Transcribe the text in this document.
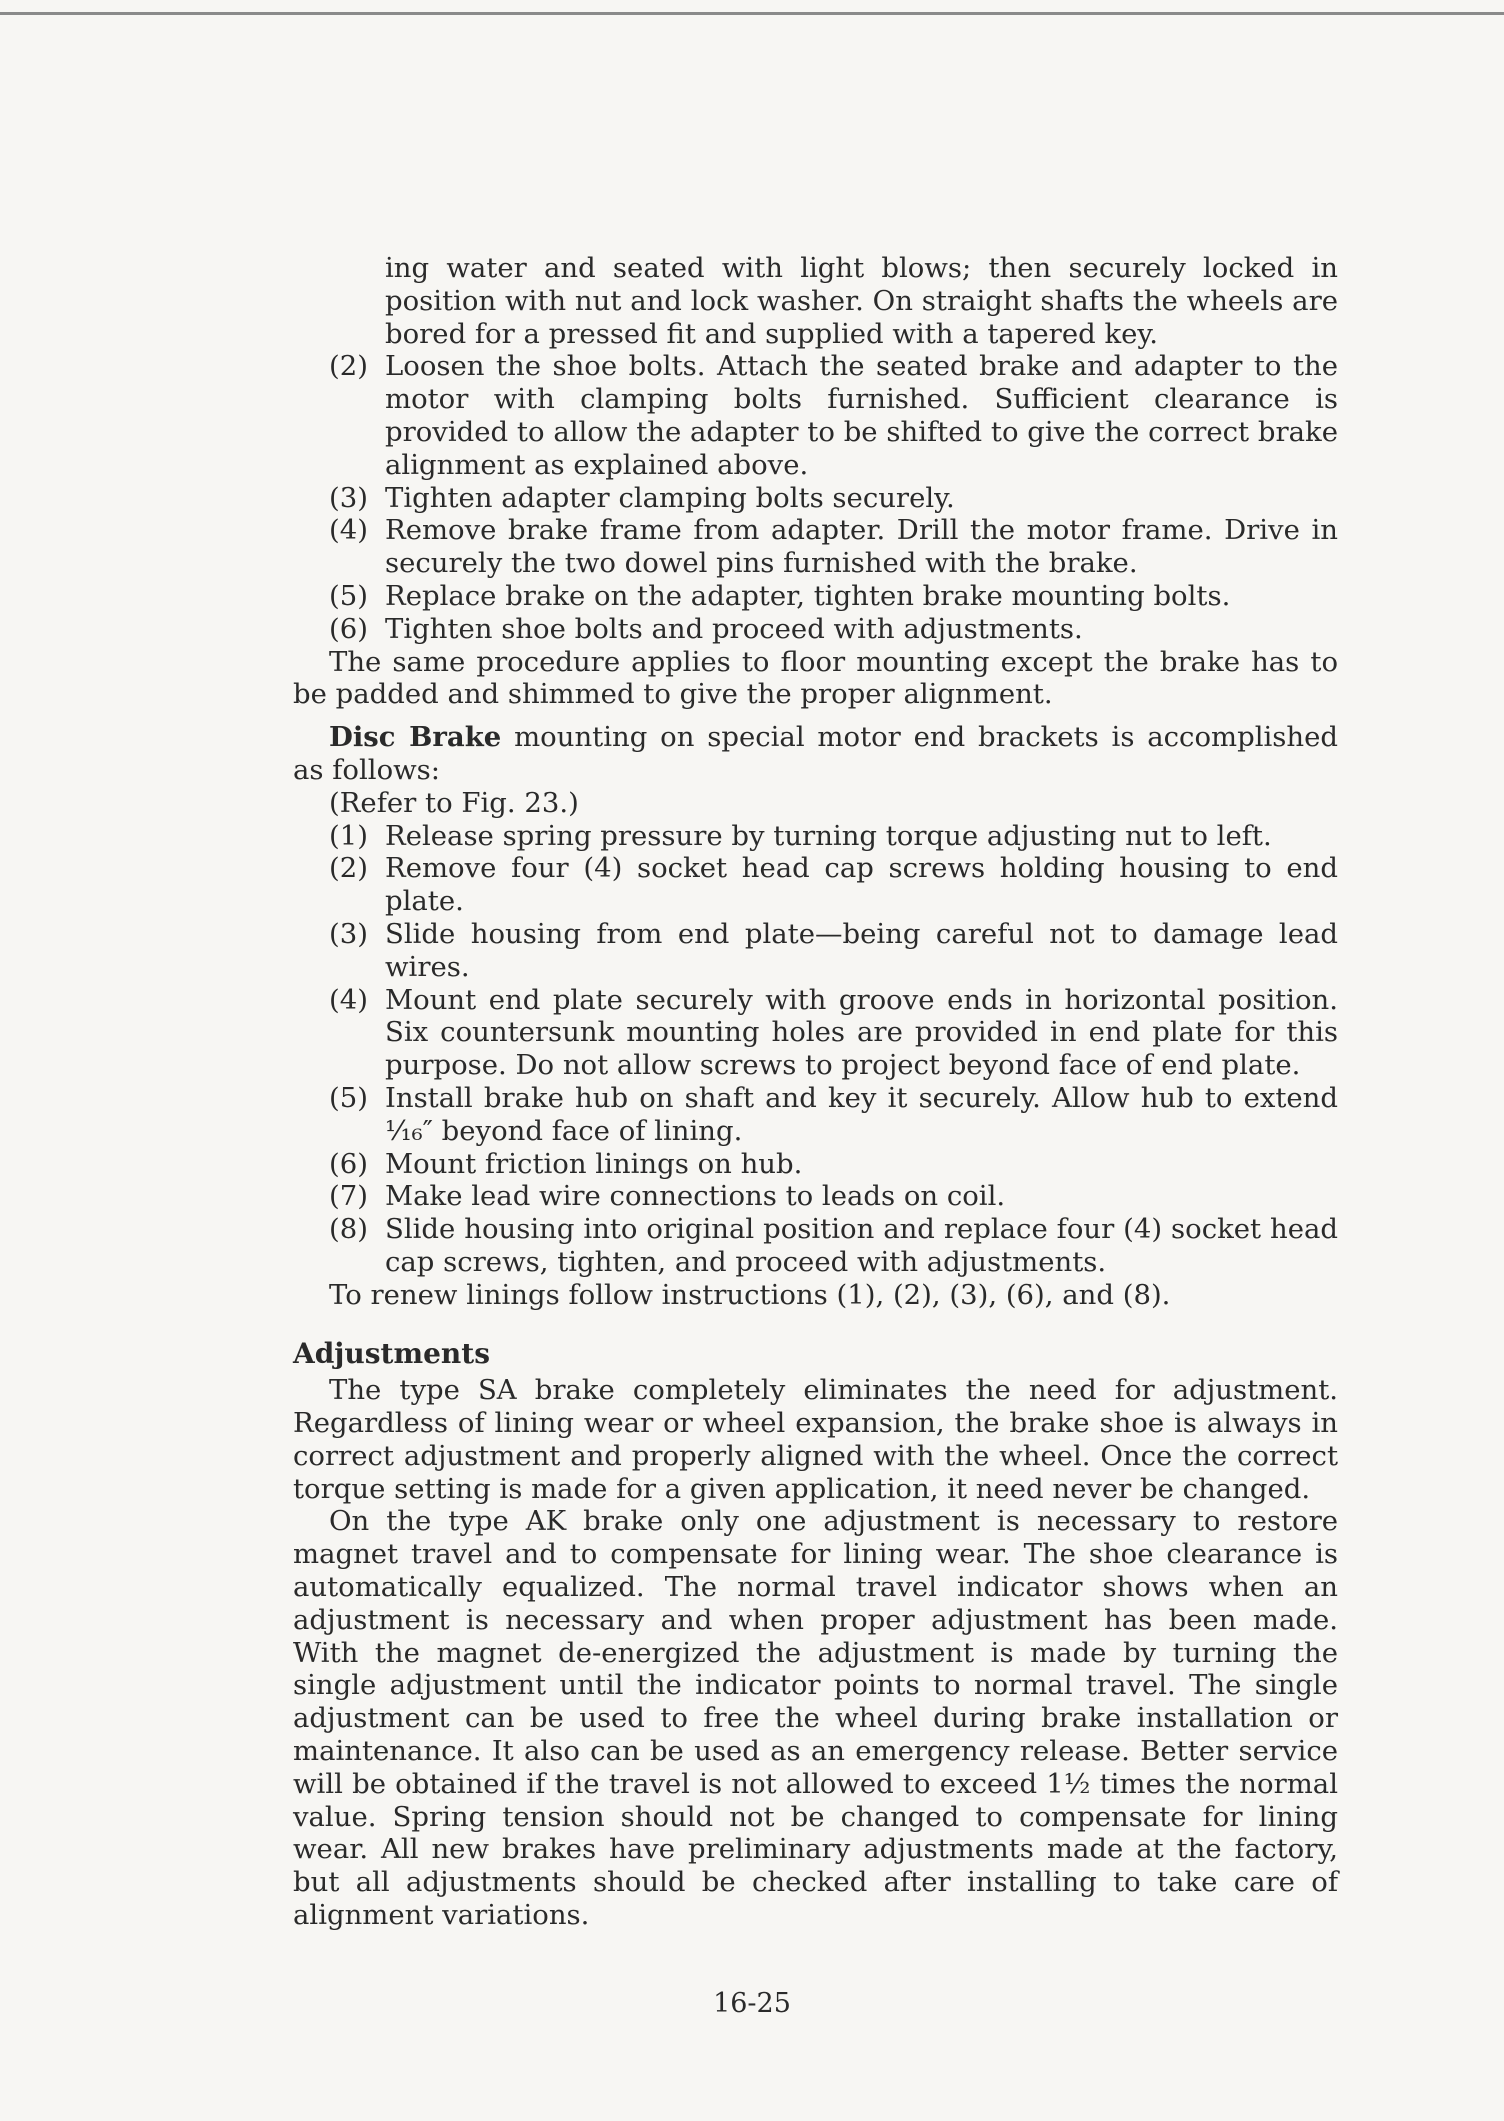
ing water and seated with light blows; then securely locked in position with nut and lock washer. On straight shafts the wheels are bored for a pressed fit and supplied with a tapered key.

(2) Loosen the shoe bolts. Attach the seated brake and adapter to the motor with clamping bolts furnished. Sufficient clearance is provided to allow the adapter to be shifted to give the correct brake alignment as explained above.
(3) Tighten adapter clamping bolts securely.
(4) Remove brake frame from adapter. Drill the motor frame. Drive in securely the two dowel pins furnished with the brake.
(5) Replace brake on the adapter, tighten brake mounting bolts.
(6) Tighten shoe bolts and proceed with adjustments.

The same procedure applies to floor mounting except the brake has to be padded and shimmed to give the proper alignment.

Disc Brake mounting on special motor end brackets is accomplished as follows:

(Refer to Fig. 23.)

(1) Release spring pressure by turning torque adjusting nut to left.
(2) Remove four (4) socket head cap screws holding housing to end plate.
(3) Slide housing from end plate—being careful not to damage lead wires.
(4) Mount end plate securely with groove ends in horizontal position. Six countersunk mounting holes are provided in end plate for this purpose. Do not allow screws to project beyond face of end plate.
(5) Install brake hub on shaft and key it securely. Allow hub to extend ⅟₁₆″ beyond face of lining.
(6) Mount friction linings on hub.
(7) Make lead wire connections to leads on coil.
(8) Slide housing into original position and replace four (4) socket head cap screws, tighten, and proceed with adjustments.

To renew linings follow instructions (1), (2), (3), (6), and (8).

Adjustments

The type SA brake completely eliminates the need for adjustment. Regardless of lining wear or wheel expansion, the brake shoe is always in correct adjustment and properly aligned with the wheel. Once the correct torque setting is made for a given application, it need never be changed.

On the type AK brake only one adjustment is necessary to restore magnet travel and to compensate for lining wear. The shoe clearance is automatically equalized. The normal travel indicator shows when an adjustment is necessary and when proper adjustment has been made. With the magnet de-energized the adjustment is made by turning the single adjustment until the indicator points to normal travel. The single adjustment can be used to free the wheel during brake installation or maintenance. It also can be used as an emergency release. Better service will be obtained if the travel is not allowed to exceed 1½ times the normal value. Spring tension should not be changed to compensate for lining wear. All new brakes have preliminary adjustments made at the factory, but all adjustments should be checked after installing to take care of alignment variations.

16-25
